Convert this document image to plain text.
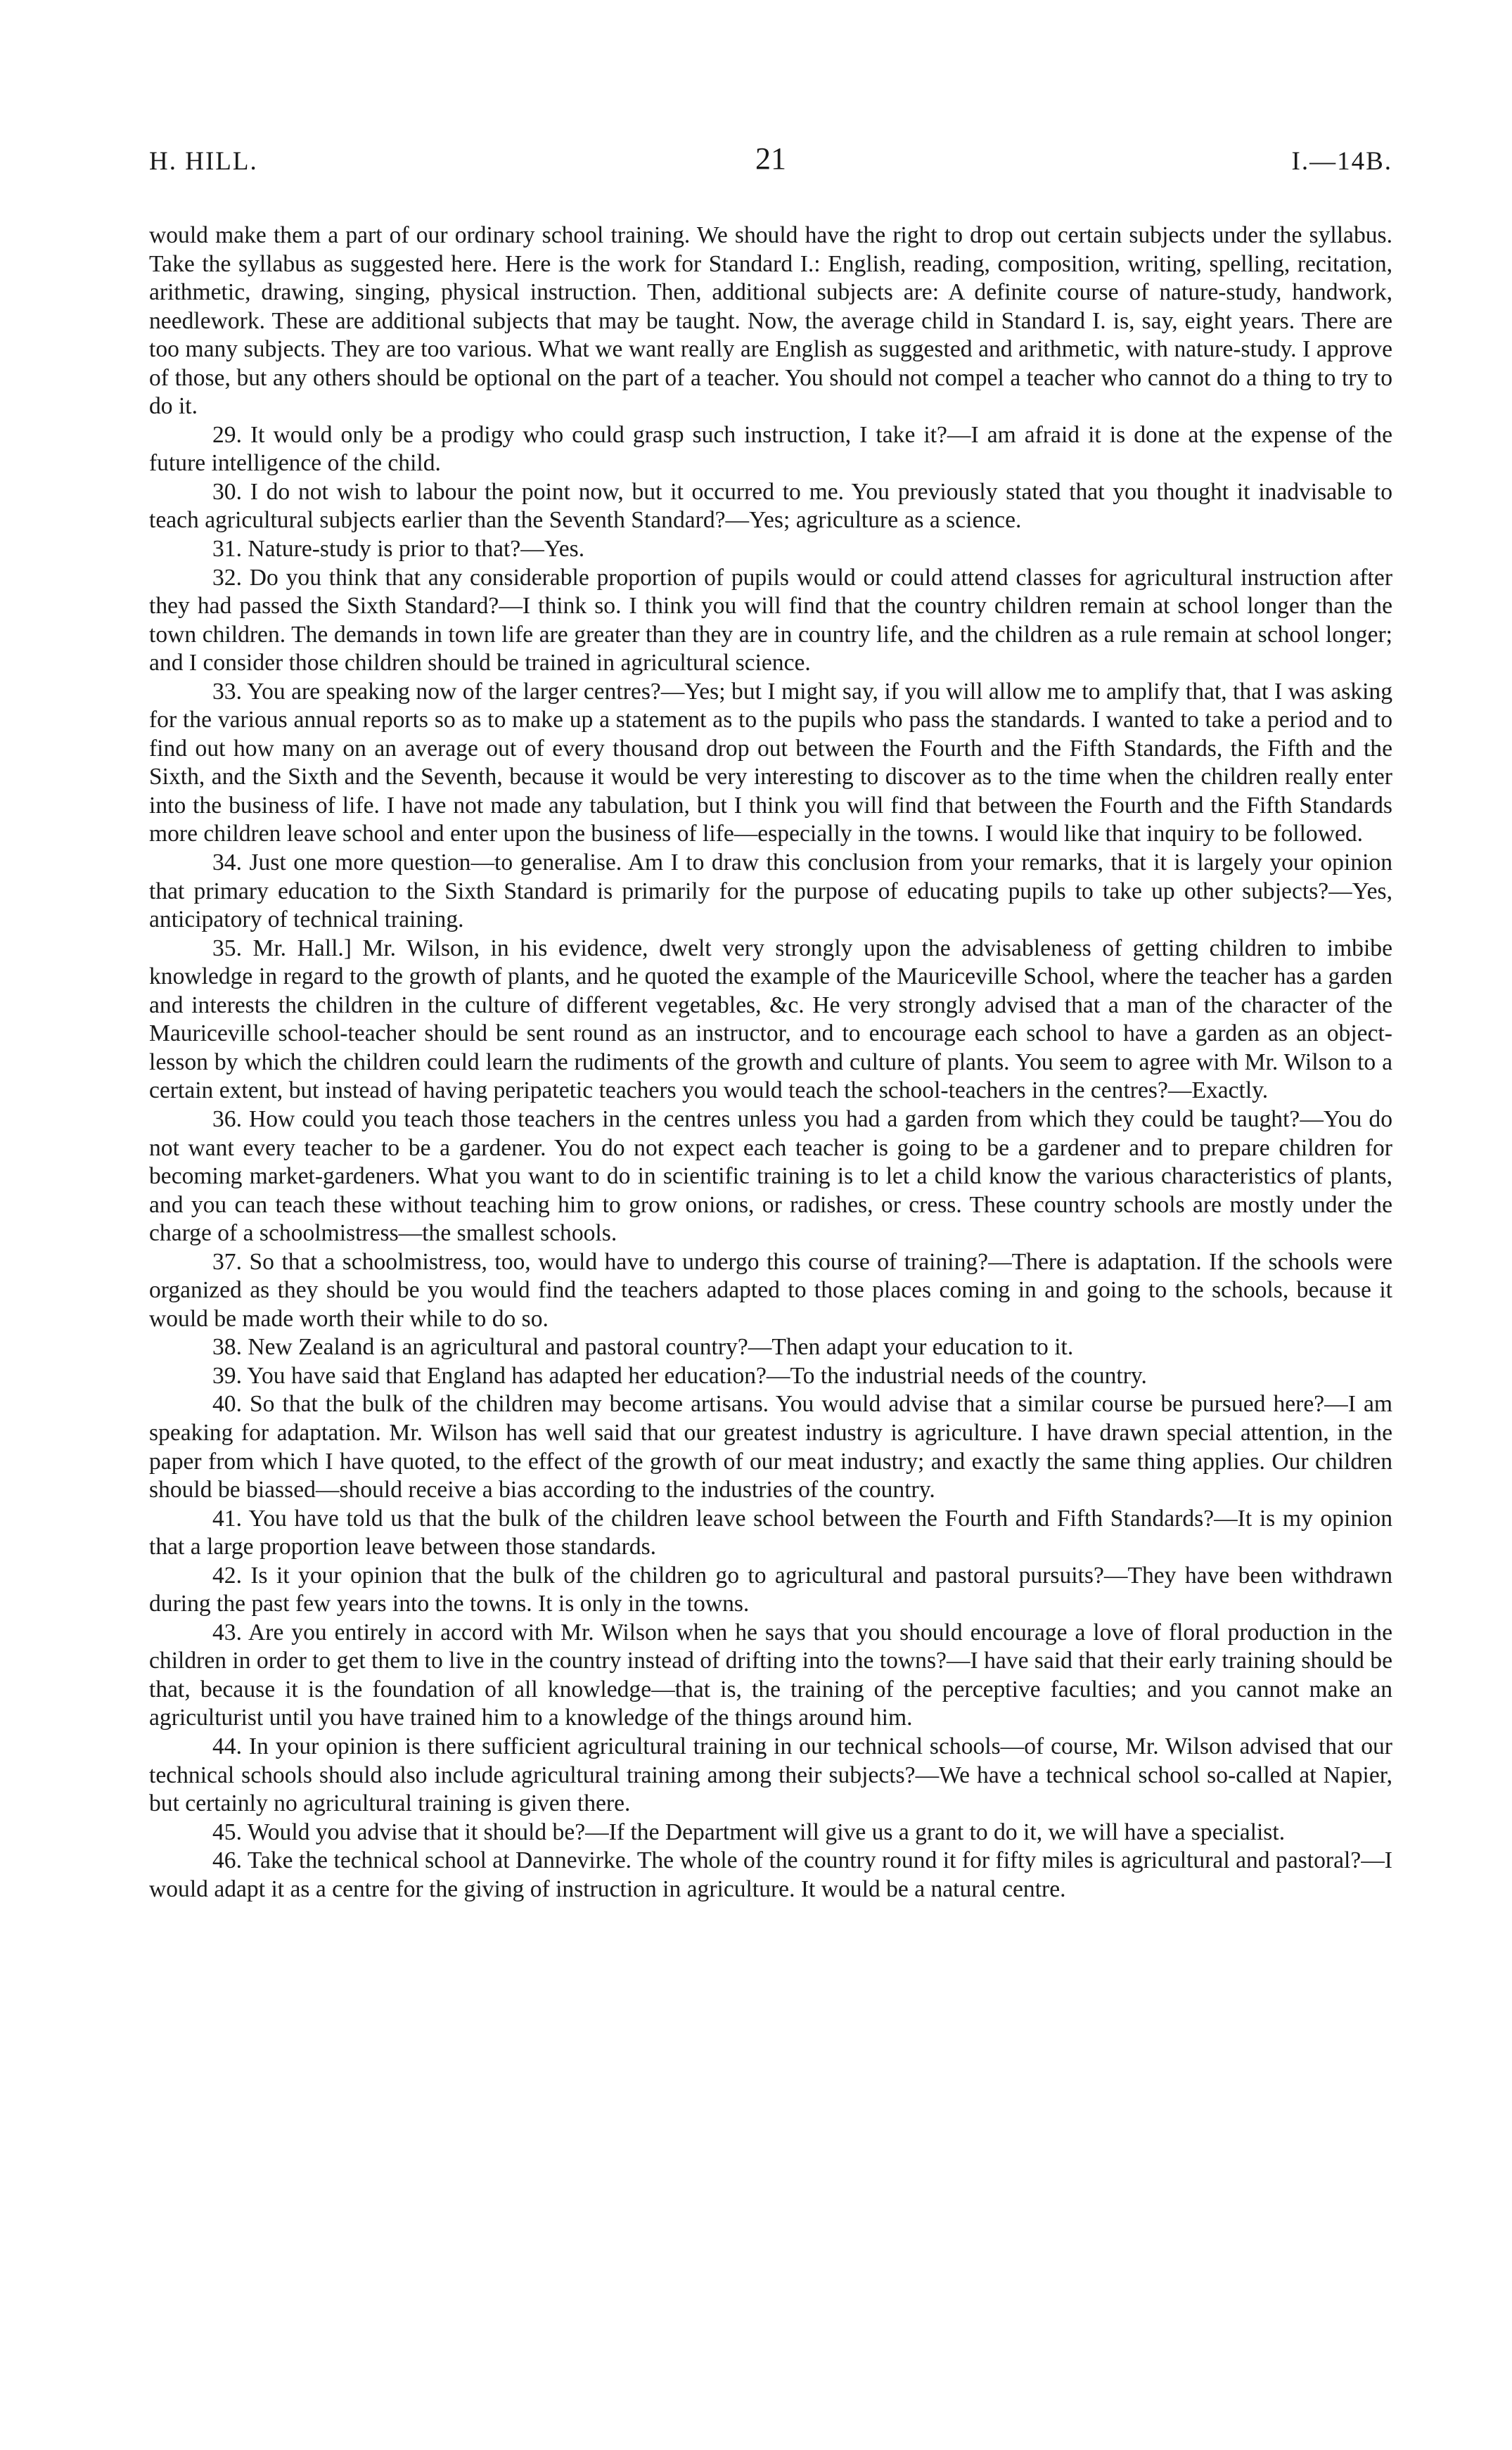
H. HILL.	21	I.—14B.

would make them a part of our ordinary school training. We should have the right to drop out certain subjects under the syllabus. Take the syllabus as suggested here. Here is the work for Standard I.: English, reading, composition, writing, spelling, recitation, arithmetic, drawing, singing, physical instruction. Then, additional subjects are: A definite course of nature-study, handwork, needlework. These are additional subjects that may be taught. Now, the average child in Standard I. is, say, eight years. There are too many subjects. They are too various. What we want really are English as suggested and arithmetic, with nature-study. I approve of those, but any others should be optional on the part of a teacher. You should not compel a teacher who cannot do a thing to try to do it.

29. It would only be a prodigy who could grasp such instruction, I take it?—I am afraid it is done at the expense of the future intelligence of the child.

30. I do not wish to labour the point now, but it occurred to me. You previously stated that you thought it inadvisable to teach agricultural subjects earlier than the Seventh Standard?—Yes; agriculture as a science.

31. Nature-study is prior to that?—Yes.

32. Do you think that any considerable proportion of pupils would or could attend classes for agricultural instruction after they had passed the Sixth Standard?—I think so. I think you will find that the country children remain at school longer than the town children. The demands in town life are greater than they are in country life, and the children as a rule remain at school longer; and I consider those children should be trained in agricultural science.

33. You are speaking now of the larger centres?—Yes; but I might say, if you will allow me to amplify that, that I was asking for the various annual reports so as to make up a statement as to the pupils who pass the standards. I wanted to take a period and to find out how many on an average out of every thousand drop out between the Fourth and the Fifth Standards, the Fifth and the Sixth, and the Sixth and the Seventh, because it would be very interesting to discover as to the time when the children really enter into the business of life. I have not made any tabulation, but I think you will find that between the Fourth and the Fifth Standards more children leave school and enter upon the business of life—especially in the towns. I would like that inquiry to be followed.

34. Just one more question—to generalise. Am I to draw this conclusion from your remarks, that it is largely your opinion that primary education to the Sixth Standard is primarily for the purpose of educating pupils to take up other subjects?—Yes, anticipatory of technical training.

35. Mr. Hall.] Mr. Wilson, in his evidence, dwelt very strongly upon the advisableness of getting children to imbibe knowledge in regard to the growth of plants, and he quoted the example of the Mauriceville School, where the teacher has a garden and interests the children in the culture of different vegetables, &c. He very strongly advised that a man of the character of the Mauriceville school-teacher should be sent round as an instructor, and to encourage each school to have a garden as an object-lesson by which the children could learn the rudiments of the growth and culture of plants. You seem to agree with Mr. Wilson to a certain extent, but instead of having peripatetic teachers you would teach the school-teachers in the centres?—Exactly.

36. How could you teach those teachers in the centres unless you had a garden from which they could be taught?—You do not want every teacher to be a gardener. You do not expect each teacher is going to be a gardener and to prepare children for becoming market-gardeners. What you want to do in scientific training is to let a child know the various characteristics of plants, and you can teach these without teaching him to grow onions, or radishes, or cress. These country schools are mostly under the charge of a schoolmistress—the smallest schools.

37. So that a schoolmistress, too, would have to undergo this course of training?—There is adaptation. If the schools were organized as they should be you would find the teachers adapted to those places coming in and going to the schools, because it would be made worth their while to do so.

38. New Zealand is an agricultural and pastoral country?—Then adapt your education to it.

39. You have said that England has adapted her education?—To the industrial needs of the country.

40. So that the bulk of the children may become artisans. You would advise that a similar course be pursued here?—I am speaking for adaptation. Mr. Wilson has well said that our greatest industry is agriculture. I have drawn special attention, in the paper from which I have quoted, to the effect of the growth of our meat industry; and exactly the same thing applies. Our children should be biassed—should receive a bias according to the industries of the country.

41. You have told us that the bulk of the children leave school between the Fourth and Fifth Standards?—It is my opinion that a large proportion leave between those standards.

42. Is it your opinion that the bulk of the children go to agricultural and pastoral pursuits?—They have been withdrawn during the past few years into the towns. It is only in the towns.

43. Are you entirely in accord with Mr. Wilson when he says that you should encourage a love of floral production in the children in order to get them to live in the country instead of drifting into the towns?—I have said that their early training should be that, because it is the foundation of all knowledge—that is, the training of the perceptive faculties; and you cannot make an agriculturist until you have trained him to a knowledge of the things around him.

44. In your opinion is there sufficient agricultural training in our technical schools—of course, Mr. Wilson advised that our technical schools should also include agricultural training among their subjects?—We have a technical school so-called at Napier, but certainly no agricultural training is given there.

45. Would you advise that it should be?—If the Department will give us a grant to do it, we will have a specialist.

46. Take the technical school at Dannevirke. The whole of the country round it for fifty miles is agricultural and pastoral?—I would adapt it as a centre for the giving of instruction in agriculture. It would be a natural centre.
